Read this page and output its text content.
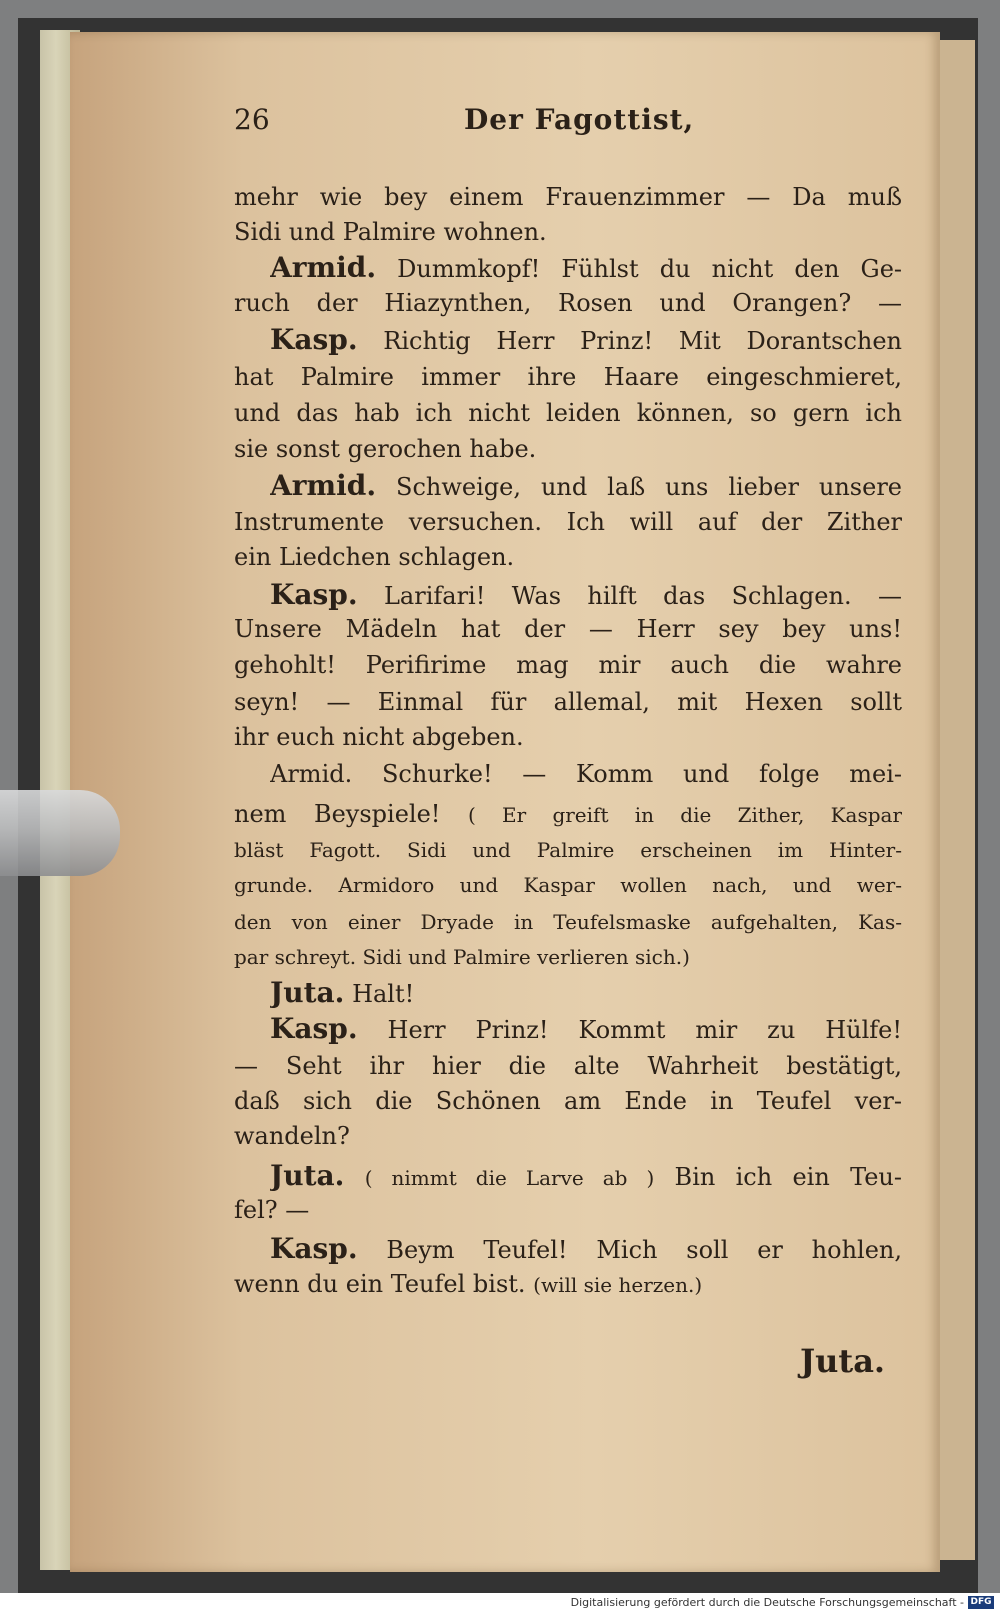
26	Der Fagottist,
mehr wie bey einem Frauenzimmer — Da muß
Sidi und Palmire wohnen.
Armid. Dummkopf! Fühlst du nicht den Ge-
ruch der Hiazynthen, Rosen und Orangen? —
Kasp. Richtig Herr Prinz! Mit Dorantschen
hat Palmire immer ihre Haare eingeschmieret,
und das hab ich nicht leiden können, so gern ich
sie sonst gerochen habe.
Armid. Schweige, und laß uns lieber unsere
Instrumente versuchen. Ich will auf der Zither
ein Liedchen schlagen.
Kasp. Larifari! Was hilft das Schlagen. —
Unsere Mädeln hat der — Herr sey bey uns!
gehohlt! Perifirime mag mir auch die wahre
seyn! — Einmal für allemal, mit Hexen sollt
ihr euch nicht abgeben.
Armid. Schurke! — Komm und folge mei-
nem Beyspiele! ( Er greift in die Zither, Kaspar
bläst Fagott. Sidi und Palmire erscheinen im Hinter-
grunde. Armidoro und Kaspar wollen nach, und wer-
den von einer Dryade in Teufelsmaske aufgehalten, Kas-
par schreyt. Sidi und Palmire verlieren sich.)
Juta. Halt!
Kasp. Herr Prinz! Kommt mir zu Hülfe!
— Seht ihr hier die alte Wahrheit bestätigt,
daß sich die Schönen am Ende in Teufel ver-
wandeln?
Juta. ( nimmt die Larve ab ) Bin ich ein Teu-
fel? —
Kasp. Beym Teufel! Mich soll er hohlen,
wenn du ein Teufel bist. (will sie herzen.)
Juta.
Digitalisierung gefördert durch die Deutsche Forschungsgemeinschaft - DFG
